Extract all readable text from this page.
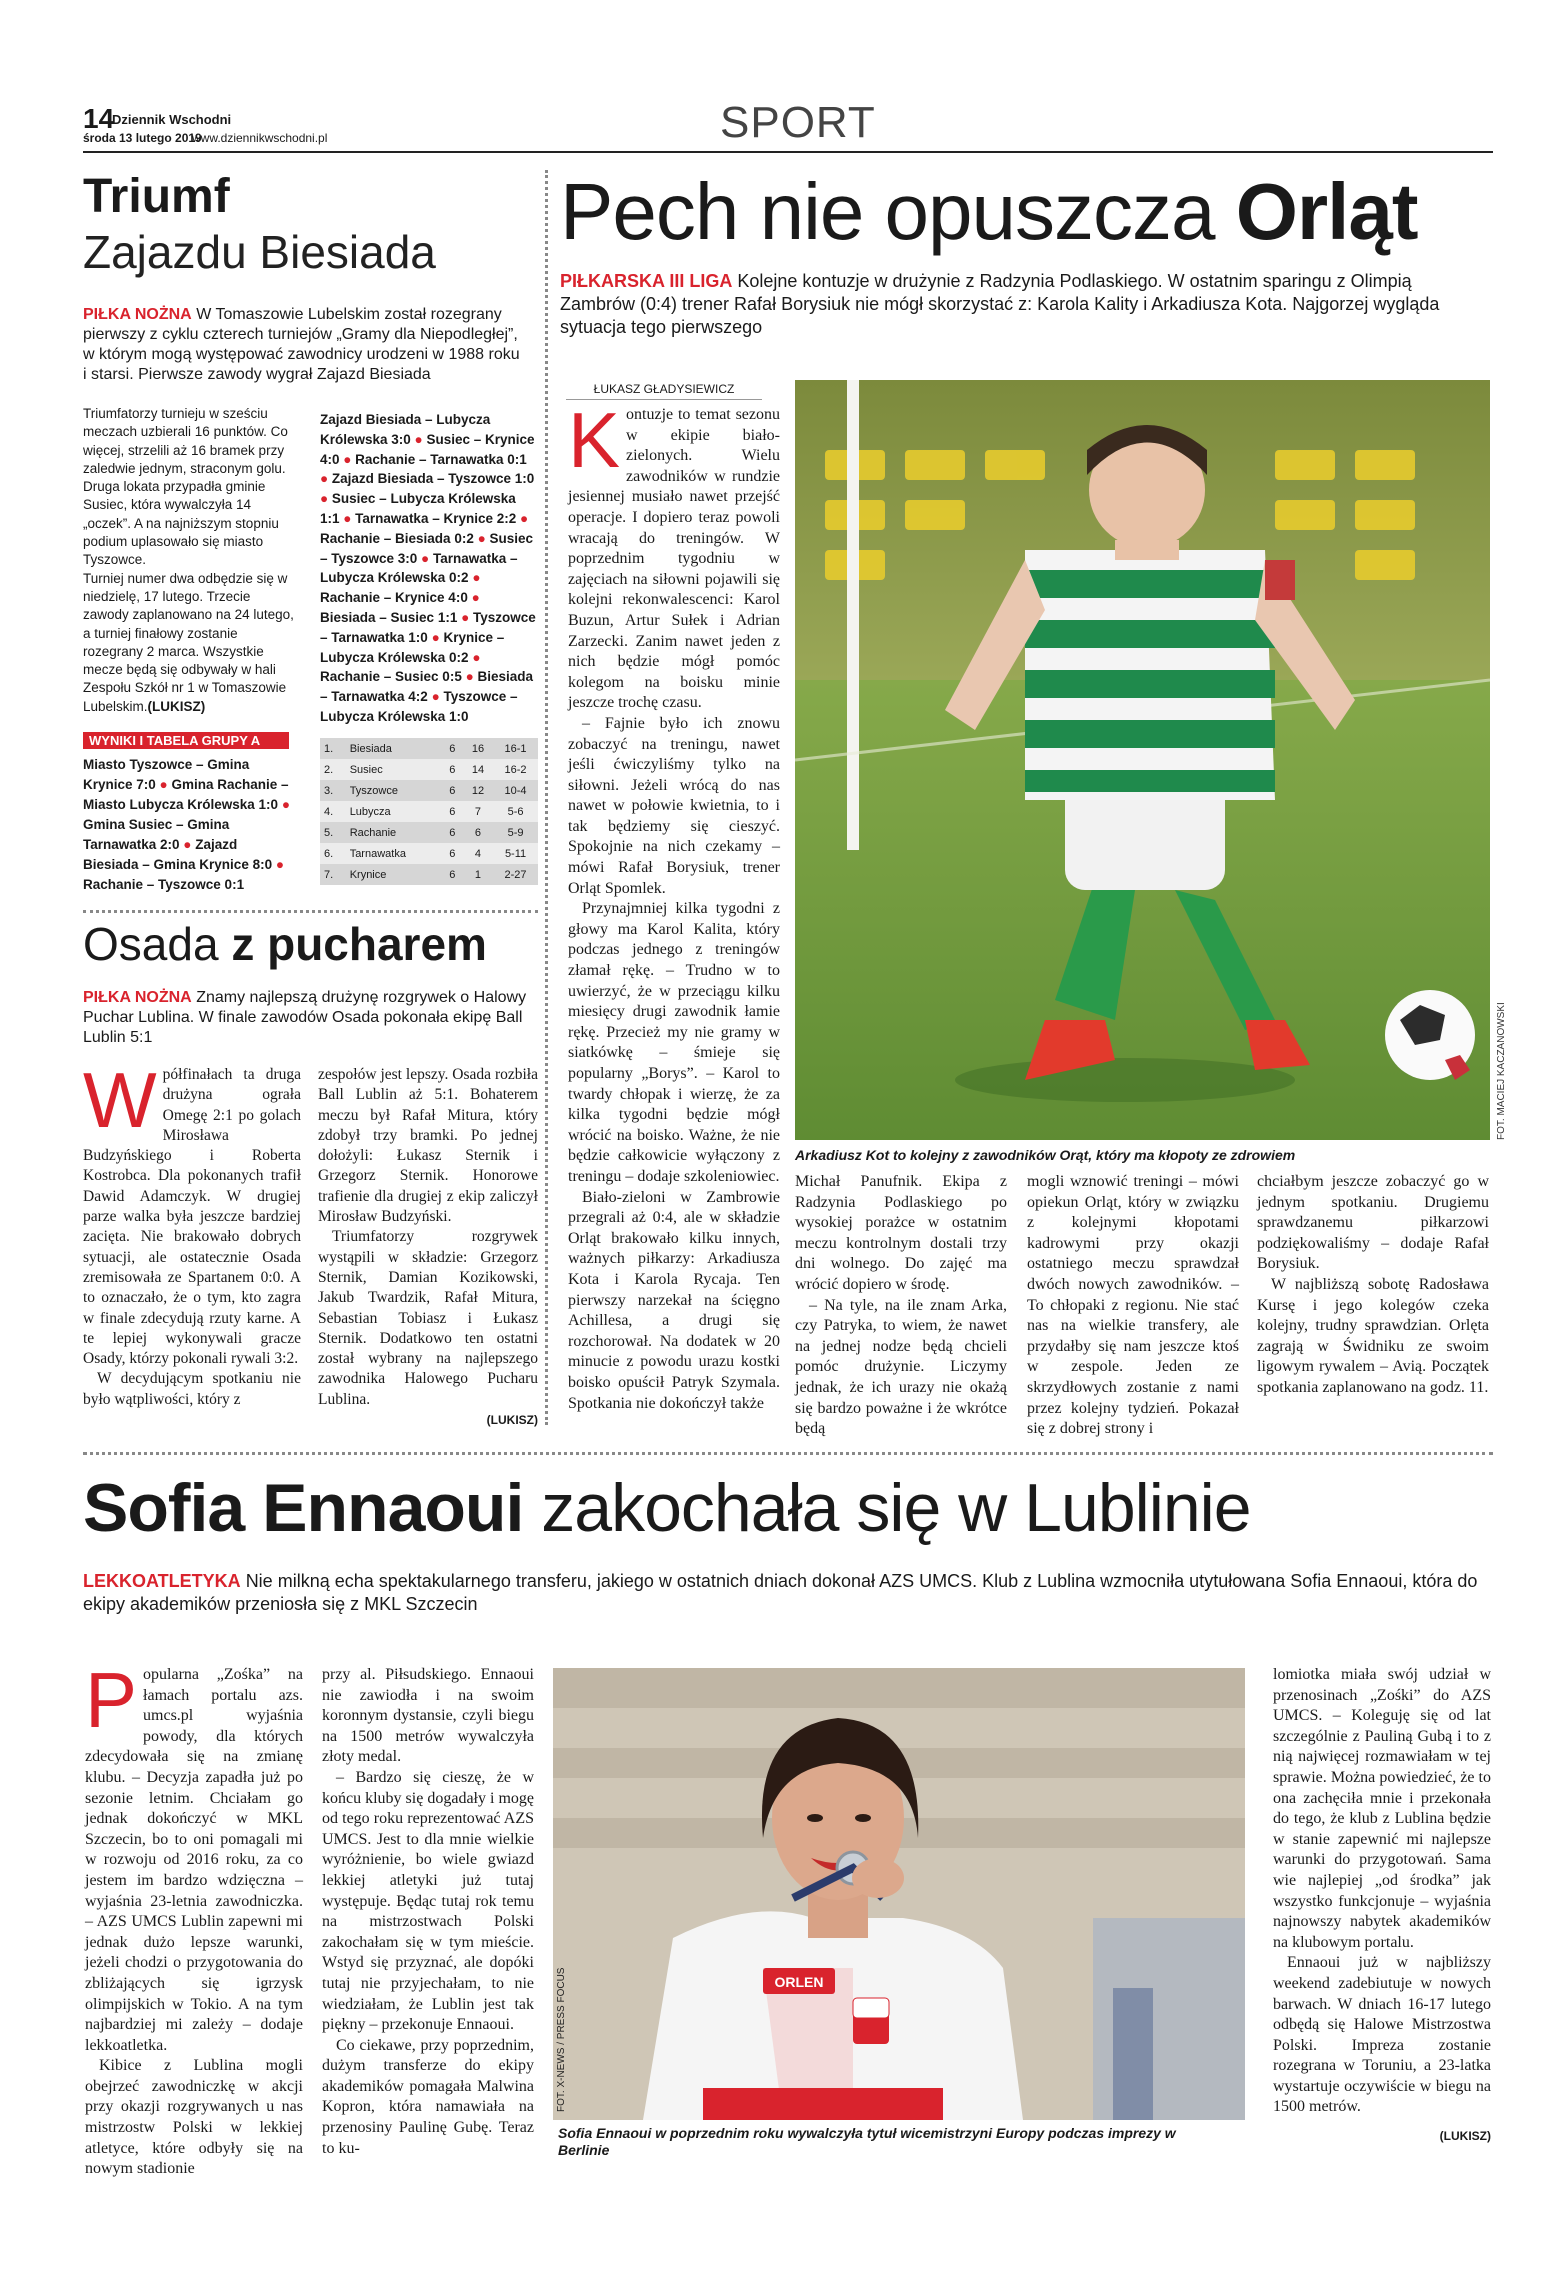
14
Dziennik Wschodni
środa 13 lutego 2019
www.dziennikwschodni.pl	SPORT
Triumf
Zajazdu Biesiada
PIŁKA NOŻNA W Tomaszowie Lubelskim został rozegrany pierwszy z cyklu czterech turniejów „Gramy dla Niepodległej”, w którym mogą występować zawodnicy urodzeni w 1988 roku i starsi. Pierwsze zawody wygrał Zajazd Biesiada

Triumfatorzy turnieju w sześciu meczach uzbierali 16 punktów. Co więcej, strzelili aż 16 bramek przy zaledwie jednym, straconym golu. Druga lokata przypadła gminie Susiec, która wywalczyła 14 „oczek”. A na najniższym stopniu podium uplasowało się miasto Tyszowce.

Turniej numer dwa odbędzie się w niedzielę, 17 lutego. Trzecie zawody zaplanowano na 24 lutego, a turniej finałowy zostanie rozegrany 2 marca. Wszystkie mecze będą się odbywały w hali Zespołu Szkół nr 1 w Tomaszowie Lubelskim.(LUKISZ)

WYNIKI I TABELA GRUPY A
Miasto Tyszowce – Gmina Krynice 7:0 ● Gmina Rachanie – Miasto Lubycza Królewska 1:0 ● Gmina Susiec – Gmina Tarnawatka 2:0 ● Zajazd Biesiada – Gmina Krynice 8:0 ● Rachanie – Tyszowce 0:1
Zajazd Biesiada – Lubycza Królewska 3:0 ● Susiec – Krynice 4:0 ● Rachanie – Tarnawatka 0:1 ● Zajazd Biesiada – Tyszowce 1:0 ● Susiec – Lubycza Królewska 1:1 ● Tarnawatka – Krynice 2:2 ● Rachanie – Biesiada 0:2 ● Susiec – Tyszowce 3:0 ● Tarnawatka – Lubycza Królewska 0:2 ● Rachanie – Krynice 4:0 ● Biesiada – Susiec 1:1 ● Tyszowce – Tarnawatka 1:0 ● Krynice – Lubycza Królewska 0:2 ● Rachanie – Susiec 0:5 ● Biesiada – Tarnawatka 4:2 ● Tyszowce – Lubycza Królewska 1:0
1.	Biesiada	6	16	16-1
2.	Susiec	6	14	16-2
3.	Tyszowce	6	12	10-4
4.	Lubycza	6	7	5-6
5.	Rachanie	6	6	5-9
6.	Tarnawatka	6	4	5-11
7.	Krynice	6	1	2-27
Osada z pucharem
PIŁKA NOŻNA Znamy najlepszą drużynę rozgrywek o Halowy Puchar Lublina. W finale zawodów Osada pokonała ekipę Ball Lublin 5:1

Wpółfinałach ta druga drużyna ograła Omegę 2:1 po golach Mirosława Budzyńskiego i Roberta Kostrobca. Dla pokonanych trafił Dawid Adamczyk. W drugiej parze walka była jeszcze bardziej zacięta. Nie brakowało dobrych sytuacji, ale ostatecznie Osada zremisowała ze Spartanem 0:0. A to oznaczało, że o tym, kto zagra w finale zdecydują rzuty karne. A te lepiej wykonywali gracze Osady, którzy pokonali rywali 3:2.

W decydującym spotkaniu nie było wątpliwości, który z

zespołów jest lepszy. Osada rozbiła Ball Lublin aż 5:1. Bohaterem meczu był Rafał Mitura, który zdobył trzy bramki. Po jednej dołożyli: Łukasz Sternik i Grzegorz Sternik. Honorowe trafienie dla drugiej z ekip zaliczył Mirosław Budzyński.

Triumfatorzy rozgrywek wystąpili w składzie: Grzegorz Sternik, Damian Kozikowski, Jakub Twardzik, Rafał Mitura, Sebastian Tobiasz i Łukasz Sternik. Dodatkowo ten ostatni został wybrany na najlepszego zawodnika Halowego Pucharu Lublina.

(LUKISZ)
Pech nie opuszcza Orląt
PIŁKARSKA III LIGA Kolejne kontuzje w drużynie z Radzynia Podlaskiego. W ostatnim sparingu z Olimpią Zambrów (0:4) trener Rafał Borysiuk nie mógł skorzystać z: Karola Kality i Arkadiusza Kota. Najgorzej wygląda sytuacja tego pierwszego
ŁUKASZ GŁADYSIEWICZ

Kontuzje to temat sezonu w ekipie biało-zielonych. Wielu zawodników w rundzie jesiennej musiało nawet przejść operacje. I dopiero teraz powoli wracają do treningów. W poprzednim tygodniu w zajęciach na siłowni pojawili się kolejni rekonwalescenci: Karol Buzun, Artur Sułek i Adrian Zarzecki. Zanim nawet jeden z nich będzie mógł pomóc kolegom na boisku minie jeszcze trochę czasu.

– Fajnie było ich znowu zobaczyć na treningu, nawet jeśli ćwiczyliśmy tylko na siłowni. Jeżeli wrócą do nas nawet w połowie kwietnia, to i tak będziemy się cieszyć. Spokojnie na nich czekamy – mówi Rafał Borysiuk, trener Orląt Spomlek.

Przynajmniej kilka tygodni z głowy ma Karol Kalita, który podczas jednego z treningów złamał rękę. – Trudno w to uwierzyć, że w przeciągu kilku miesięcy drugi zawodnik łamie rękę. Przecież my nie gramy w siatkówkę – śmieje się popularny „Borys”. – Karol to twardy chłopak i wierzę, że za kilka tygodni będzie mógł wrócić na boisko. Ważne, że nie będzie całkowicie wyłączony z treningu – dodaje szkoleniowiec.

Biało-zieloni w Zambrowie przegrali aż 0:4, ale w składzie Orląt brakowało kilku innych, ważnych piłkarzy: Arkadiusza Kota i Karola Rycaja. Ten pierwszy narzekał na ścięgno Achillesa, a drugi się rozchorował. Na dodatek w 20 minucie z powodu urazu kostki boisko opuścił Patryk Szymala. Spotkania nie dokończył także

FOT. MACIEJ KACZANOWSKI
Arkadiusz Kot to kolejny z zawodników Orąt, który ma kłopoty ze zdrowiem

Michał Panufnik. Ekipa z Radzynia Podlaskiego po wysokiej porażce w ostatnim meczu kontrolnym dostali trzy dni wolnego. Do zajęć ma wrócić dopiero w środę.

– Na tyle, na ile znam Arka, czy Patryka, to wiem, że nawet na jednej nodze będą chcieli pomóc drużynie. Liczymy jednak, że ich urazy nie okażą się bardzo poważne i że wkrótce będą

mogli wznowić treningi – mówi opiekun Orląt, który w związku z kolejnymi kłopotami kadrowymi przy okazji ostatniego meczu sprawdzał dwóch nowych zawodników. – To chłopaki z regionu. Nie stać nas na wielkie transfery, ale przydałby się nam jeszcze ktoś w zespole. Jeden ze skrzydłowych zostanie z nami przez kolejny tydzień. Pokazał się z dobrej strony i

chciałbym jeszcze zobaczyć go w jednym spotkaniu. Drugiemu sprawdzanemu piłkarzowi podziękowaliśmy – dodaje Rafał Borysiuk.

W najbliższą sobotę Radosława Kursę i jego kolegów czeka kolejny, trudny sprawdzian. Orlęta zagrają w Świdniku ze swoim ligowym rywalem – Avią. Początek spotkania zaplanowano na godz. 11.

Sofia Ennaoui zakochała się w Lublinie
LEKKOATLETYKA Nie milkną echa spektakularnego transferu, jakiego w ostatnich dniach dokonał AZS UMCS. Klub z Lublina wzmocniła utytułowana Sofia Ennaoui, która do ekipy akademików przeniosła się z MKL Szczecin

Popularna „Zośka” na łamach portalu azs. umcs.pl wyjaśnia powody, dla których zdecydowała się na zmianę klubu. – Decyzja zapadła już po sezonie letnim. Chciałam go jednak dokończyć w MKL Szczecin, bo to oni pomagali mi w rozwoju od 2016 roku, za co jestem im bardzo wdzięczna – wyjaśnia 23-letnia zawodniczka. – AZS UMCS Lublin zapewni mi jednak dużo lepsze warunki, jeżeli chodzi o przygotowania do zbliżających się igrzysk olimpijskich w Tokio. A na tym najbardziej mi zależy – dodaje lekkoatletka.

Kibice z Lublina mogli obejrzeć zawodniczkę w akcji przy okazji rozgrywanych u nas mistrzostw Polski w lekkiej atletyce, które odbyły się na nowym stadionie

przy al. Piłsudskiego. Ennaoui nie zawiodła i na swoim koronnym dystansie, czyli biegu na 1500 metrów wywalczyła złoty medal.

– Bardzo się cieszę, że w końcu kluby się dogadały i mogę od tego roku reprezentować AZS UMCS. Jest to dla mnie wielkie wyróżnienie, bo wiele gwiazd lekkiej atletyki już tutaj występuje. Będąc tutaj rok temu na mistrzostwach Polski zakochałam się w tym mieście. Wstyd się przyznać, ale dopóki tutaj nie przyjechałam, to nie wiedziałam, że Lublin jest tak piękny – przekonuje Ennaoui.

Co ciekawe, przy poprzednim, dużym transferze do ekipy akademików pomagała Malwina Kopron, która namawiała na przenosiny Paulinę Gubę. Teraz to ku-

ORLEN
FOT. X-NEWS / PRESS FOCUS
Sofia Ennaoui w poprzednim roku wywalczyła tytuł wicemistrzyni Europy podczas imprezy w Berlinie

lomiotka miała swój udział w przenosinach „Zośki” do AZS UMCS. – Koleguję się od lat szczególnie z Pauliną Gubą i to z nią najwięcej rozmawiałam w tej sprawie. Można powiedzieć, że to ona zachęciła mnie i przekonała do tego, że klub z Lublina będzie w stanie zapewnić mi najlepsze warunki do przygotowań. Sama wie najlepiej „od środka” jak wszystko funkcjonuje – wyjaśnia najnowszy nabytek akademików na klubowym portalu.

Ennaoui już w najbliższy weekend zadebiutuje w nowych barwach. W dniach 16-17 lutego odbędą się Halowe Mistrzostwa Polski. Impreza zostanie rozegrana w Toruniu, a 23-latka wystartuje oczywiście w biegu na 1500 metrów.

(LUKISZ)
